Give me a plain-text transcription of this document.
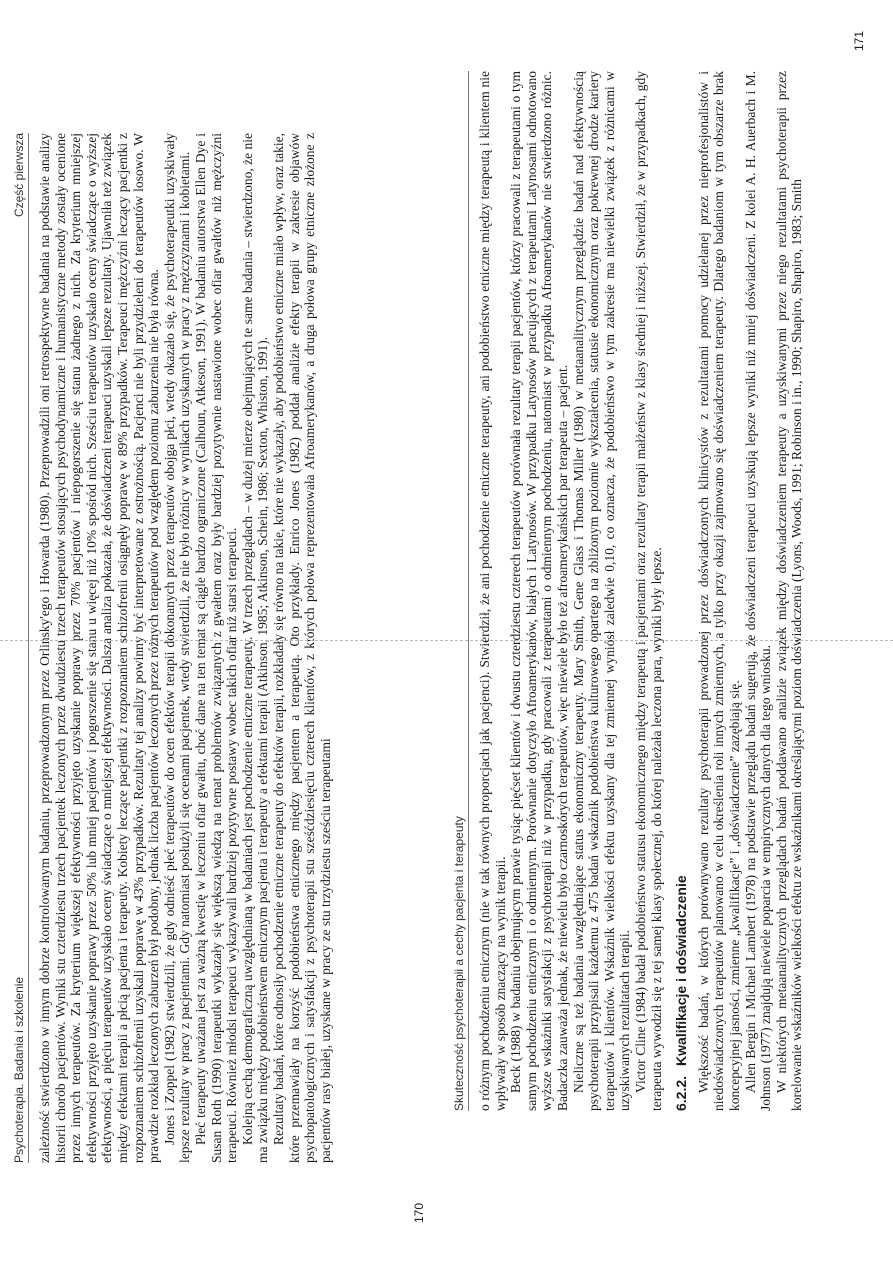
Psychoterapia. Badania i szkolenie
Część pierwsza zależność stwierdzono w innym dobrze kontrolowanym badaniu, przeprowadzonym przez Orlinsky'ego i Howarda (1980). Przeprowadzili oni retrospektywne badania na podstawie analizy historii chorób pacjentów. Wyniki stu czterdziestu trzech pacjentek leczonych przez dwudziestu trzech terapeutów stosujących psychodynamiczne i humanistyczne metody zostały ocenione przez innych terapeutów. Za kryterium większej efektywności przyjęto uzyskanie poprawy przez 70% pacjentów i niepogorszenie się stanu żadnego z nich. Za kryterium mniejszej efektywności przyjęto uzyskanie poprawy przez 50% lub mniej pacjentów i pogorszenie się stanu u więcej niż 10% spośród nich. Sześciu terapeutów uzyskało oceny świadczące o wyższej efektywności, a pięciu terapeutów uzyskało oceny świadczące o mniejszej efektywności. Dalsza analiza pokazała, że doświadczeni terapeuci uzyskali lepsze rezultaty. Ujawniła też związek między efektami terapii a płcią pacjenta i terapeuty. Kobiety leczące pacjentki z rozpoznaniem schizofrenii osiągnęły poprawę w 89% przypadków. Terapeuci mężczyźni leczący pacjentki z rozpoznaniem schizofrenii uzyskali poprawę w 43% przypadków. Rezultaty tej analizy powinny być interpretowane z ostrożnością. Pacjenci nie byli przydzieleni do terapeutów losowo. W prawdzie rozkład leczonych zaburzeń był podobny, jednak liczba pacjentów leczonych przez różnych terapeutów pod względem poziomu zaburzenia nie była równa. Jones i Zoppel (1982) stwierdzili, że gdy odnieść płeć terapeutów do ocen efektów terapii dokonanych przez terapeutów obojga płci, wtedy okazało się, że psychoterapeutki uzyskiwały lepsze rezultaty w pracy z pacjentami. Gdy natomiast posłużyli się ocenami pacjentek, wtedy stwierdzili, że nie było różnicy w wynikach uzyskanych w pracy z mężczyznami i kobietami. Płeć terapeuty uważana jest za ważną kwestię w leczeniu ofiar gwałtu, choć dane na ten temat są ciągle bardzo ograniczone (Calhoun, Atkeson, 1991). W badaniu autorstwa Ellen Dye i Susan Roth (1990) terapeutki wykazały się większą wiedzą na temat problemów związanych z gwałtem oraz były bardziej pozytywnie nastawione wobec ofiar gwałtów niż mężczyźni terapeuci. Również młodsi terapeuci wykazywali bardziej pozytywne postawy wobec takich ofiar niż starsi terapeuci. Kolejną cechą demograficzną uwzględnianą w badaniach jest pochodzenie etniczne terapeuty. W trzech przeglądach – w dużej mierze obejmujących te same badania – stwierdzono, że nie ma związku między podobieństwem etnicznym pacjenta i terapeuty a efektami terapii (Atkinson, 1985; Atkinson, Schein, 1986; Sexton, Whiston, 1991). Rezultaty badań, które odnosiły pochodzenie etniczne terapeuty do efektów terapii, rozkładały się równo na takie, które nie wykazały, aby podobieństwo etniczne miało wpływ, oraz takie, które przemawiały na korzyść podobieństwa etnicznego między pacjentem a terapeutą. Oto przykłady. Enrico Jones (1982) poddał analizie efekty terapii w zakresie objawów psychopatologicznych i satysfakcji z psychoterapii stu sześćdziesięciu czterech klientów, z których połowa reprezentowała Afroamerykanów, a druga połowa grupy etniczne złożone z pacjentów rasy białej, uzyskane w pracy ze stu trzydziestu sześciu terapeutami

170
Skuteczność psychoterapii a cechy pacjenta i terapeuty o różnym pochodzeniu etnicznym (nie w tak równych proporcjach jak pacjenci). Stwierdził, że ani pochodzenie etniczne terapeuty, ani podobieństwo etniczne między terapeutą i klientem nie wpływały w sposób znaczący na wynik terapii. Beck (1988) w badaniu obejmującym prawie tysiąc pięćset klientów i dwustu czterdziestu czterech terapeutów porównała rezultaty terapii pacjentów, którzy pracowali z terapeutami o tym samym pochodzeniu etnicznym i o odmiennym. Porównanie dotyczyło Afroamerykanów, białych i Latynosów. W przypadku Latynosów pracujących z terapeutami Latynosami odnotowano wyższe wskaźniki satysfakcji z psychoterapii niż w przypadku, gdy pracowali z terapeutami o odmiennym pochodzeniu, natomiast w przypadku Afroamerykanów nie stwierdzono różnic. Badaczka zauważa jednak, że niewielu było czarnoskórych terapeutów, więc niewiele było też afroamerykańskich par terapeuta – pacjent. Nieliczne są też badania uwzględniające status ekonomiczny terapeuty. Mary Smith, Gene Glass i Thomas Miller (1980) w metaanalitycznym przeglądzie badań nad efektywnością psychoterapii przypisali każdemu z 475 badań wskaźnik podobieństwa kulturowego opartego na zbliżonym poziomie wykształcenia, statusie ekonomicznym oraz pokrewnej drodze kariery terapeutów i klientów. Wskaźnik wielkości efektu uzyskany dla tej zmiennej wyniósł zaledwie 0,10, co oznacza, że podobieństwo w tym zakresie ma niewielki związek z różnicami w uzyskiwanych rezultatach terapii. Victor Cline (1984) badał podobieństwo statusu ekonomicznego między terapeutą i pacjentami oraz rezultaty terapii małżeństw z klasy średniej i niższej. Stwierdził, że w przypadkach, gdy terapeuta wywodził się z tej samej klasy społecznej, do której należała leczona para, wyniki były lepsze. 6.2.2.Kwalifikacje i doświadczenie Większość badań, w których porównywano rezultaty psychoterapii prowadzonej przez doświadczonych klinicystów z rezultatami pomocy udzielanej przez nieprofesjonalistów i niedoświadczonych terapeutów planowano w celu określenia roli innych zmiennych, a tylko przy okazji zajmowano się doświadczeniem terapeuty. Dlatego badaniom w tym obszarze brak koncepcyjnej jasności, zmienne „kwalifikacje” i „doświadczenie” zazębiają się. Allen Bergin i Michael Lambert (1978) na podstawie przeglądu badań sugerują, że doświadczeni terapeuci uzyskują lepsze wyniki niż mniej doświadczeni. Z kolei A. H. Auerbach i M. Johnson (1977) znajdują niewiele poparcia w empirycznych danych dla tego wniosku. W niektórych metaanalitycznych przeglądach badań poddawano analizie związek między doświadczeniem terapeuty a uzyskiwanymi przez niego rezultatami psychoterapii przez korelowanie wskaźników wielkości efektu ze wskaźnikami określającymi poziom doświadczenia (Lyons, Woods, 1991; Robinson i in., 1990; Shapiro, Shapiro, 1983; Smith

171
